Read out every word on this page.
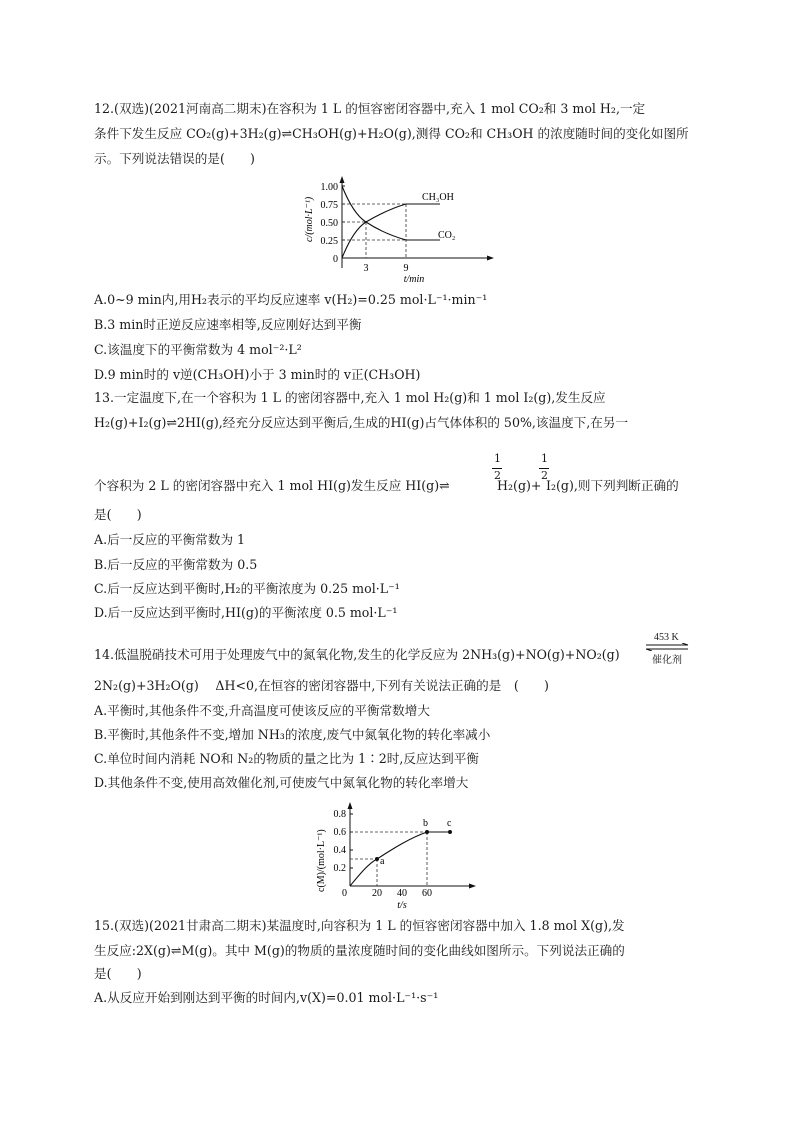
12.(双选)(2021河南高二期末)在容积为 1 L 的恒容密闭容器中,充入 1 mol CO₂和 3 mol H₂,一定
条件下发生反应 CO₂(g)+3H₂(g)⇌CH₃OH(g)+H₂O(g),测得 CO₂和 CH₃OH 的浓度随时间的变化如图所
示。下列说法错误的是(　　)
0
0.25
0.50
0.75
1.00
c/(mol·L⁻¹)
3	9
t/min
CH₃OH
CO₂
A.0~9 min内,用H₂表示的平均反应速率 v(H₂)=0.25 mol·L⁻¹·min⁻¹
B.3 min时正逆反应速率相等,反应刚好达到平衡
C.该温度下的平衡常数为 4 mol⁻²·L²
D.9 min时的 v逆(CH₃OH)小于 3 min时的 v正(CH₃OH)
13.一定温度下,在一个容积为 1 L 的密闭容器中,充入 1 mol H₂(g)和 1 mol I₂(g),发生反应
H₂(g)+I₂(g)⇌2HI(g),经充分反应达到平衡后,生成的HI(g)占气体体积的 50%,该温度下,在另一
1
2
1
2
个容积为 2 L 的密闭容器中充入 1 mol HI(g)发生反应 HI(g)⇌	H₂(g)+ I₂(g),则下列判断正确的
是(　　)
A.后一反应的平衡常数为 1
B.后一反应的平衡常数为 0.5
C.后一反应达到平衡时,H₂的平衡浓度为 0.25 mol·L⁻¹
D.后一反应达到平衡时,HI(g)的平衡浓度 0.5 mol·L⁻¹
14.低温脱硝技术可用于处理废气中的氮氧化物,发生的化学反应为 2NH₃(g)+NO(g)+NO₂(g)
453 K
催化剂
2N₂(g)+3H₂O(g)　 ΔH<0,在恒容的密闭容器中,下列有关说法正确的是　(　　)
A.平衡时,其他条件不变,升高温度可使该反应的平衡常数增大
B.平衡时,其他条件不变,增加 NH₃的浓度,废气中氮氧化物的转化率减小
C.单位时间内消耗 NO和 N₂的物质的量之比为 1∶2时,反应达到平衡
D.其他条件不变,使用高效催化剂,可使废气中氮氧化物的转化率增大
0.2
0.4
0.6
0.8
c(M)/(mol·L⁻¹)	a
b c
0	20 40 60
t/s
15.(双选)(2021甘肃高二期末)某温度时,向容积为 1 L 的恒容密闭容器中加入 1.8 mol X(g),发
生反应:2X(g)⇌M(g)。其中 M(g)的物质的量浓度随时间的变化曲线如图所示。下列说法正确的
是(　　)
A.从反应开始到刚达到平衡的时间内,v(X)=0.01 mol·L⁻¹·s⁻¹
